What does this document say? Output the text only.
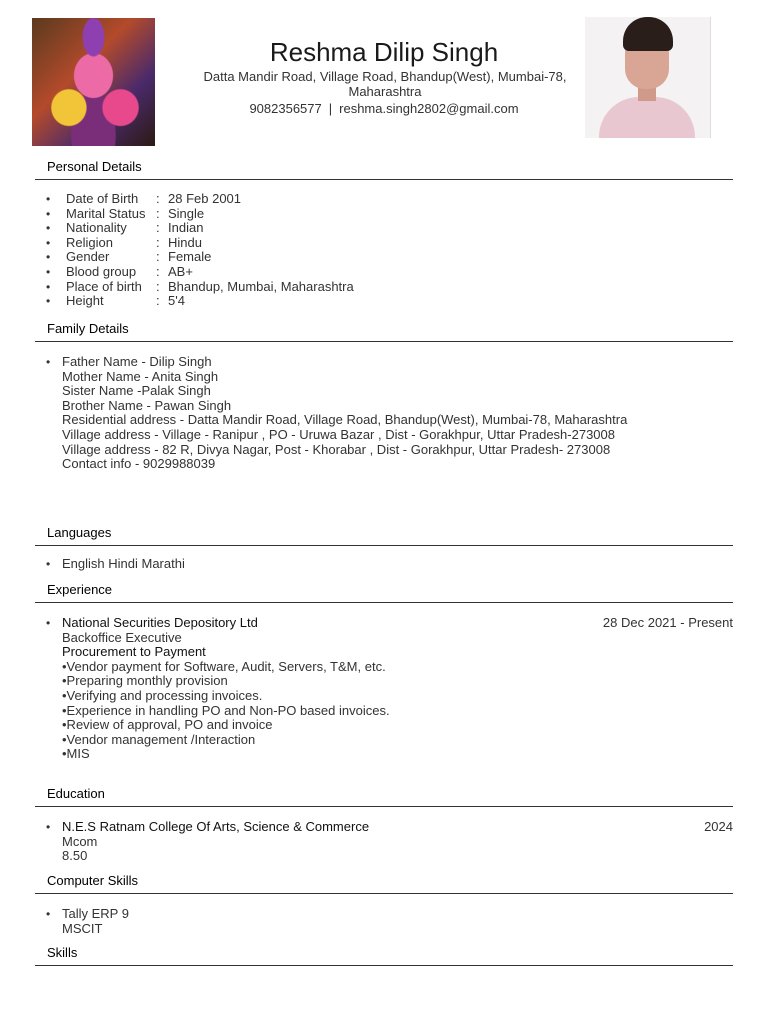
Reshma Dilip Singh
Datta Mandir Road, Village Road, Bhandup(West), Mumbai-78, Maharashtra
9082356577 | reshma.singh2802@gmail.com
Personal Details
• Date of Birth : 28 Feb 2001
• Marital Status : Single
• Nationality : Indian
• Religion	: Hindu
• Gender	: Female
• Blood group : AB+
• Place of birth : Bhandup, Mumbai, Maharashtra
• Height	: 5'4
Family Details
• Father Name - Dilip Singh
Mother Name - Anita Singh
Sister Name -Palak Singh
Brother Name - Pawan Singh
Residential address - Datta Mandir Road, Village Road, Bhandup(West), Mumbai-78, Maharashtra
Village address - Village - Ranipur , PO - Uruwa Bazar , Dist - Gorakhpur, Uttar Pradesh-273008
Village address - 82 R, Divya Nagar, Post - Khorabar , Dist - Gorakhpur, Uttar Pradesh- 273008
Contact info - 9029988039
Languages
• English Hindi Marathi
Experience
• National Securities Depository Ltd	28 Dec 2021 - Present
Backoffice Executive
Procurement to Payment
•Vendor payment for Software, Audit, Servers, T&M, etc.
•Preparing monthly provision
•Verifying and processing invoices.
•Experience in handling PO and Non-PO based invoices.
•Review of approval, PO and invoice
•Vendor management /Interaction
•MIS
Education
• N.E.S Ratnam College Of Arts, Science & Commerce	2024
Mcom
8.50
Computer Skills
• Tally ERP 9
MSCIT
Skills
